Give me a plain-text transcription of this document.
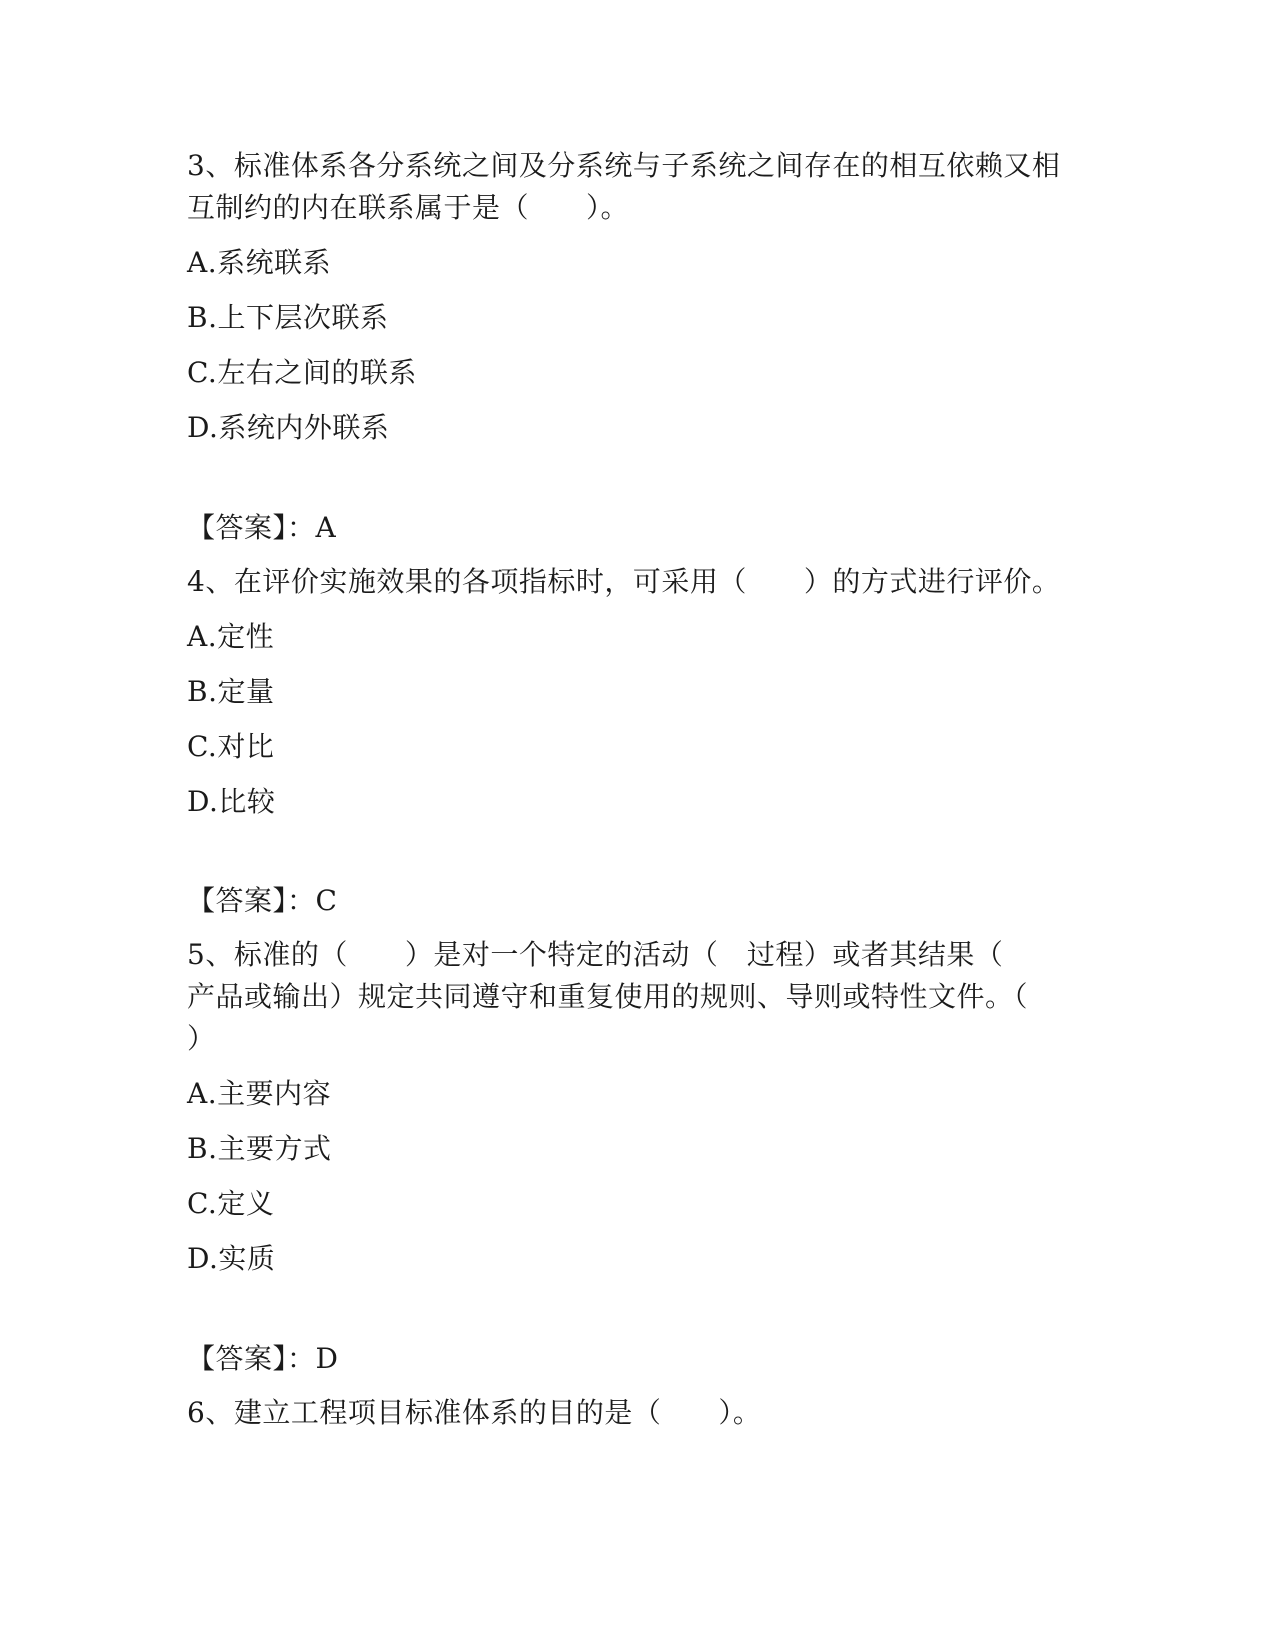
3、标准体系各分系统之间及分系统与子系统之间存在的相互依赖又相
互制约的内在联系属于是（　　）。
A.系统联系
B.上下层次联系
C.左右之间的联系
D.系统内外联系
【答案】：A
4、在评价实施效果的各项指标时，可采用（　　）的方式进行评价。
A.定性
B.定量
C.对比
D.比较
【答案】：C
5、标准的（　　）是对一个特定的活动（　过程）或者其结果（
产品或输出）规定共同遵守和重复使用的规则、导则或特性文件。（
）
A.主要内容
B.主要方式
C.定义
D.实质
【答案】：D
6、建立工程项目标准体系的目的是（　　）。
